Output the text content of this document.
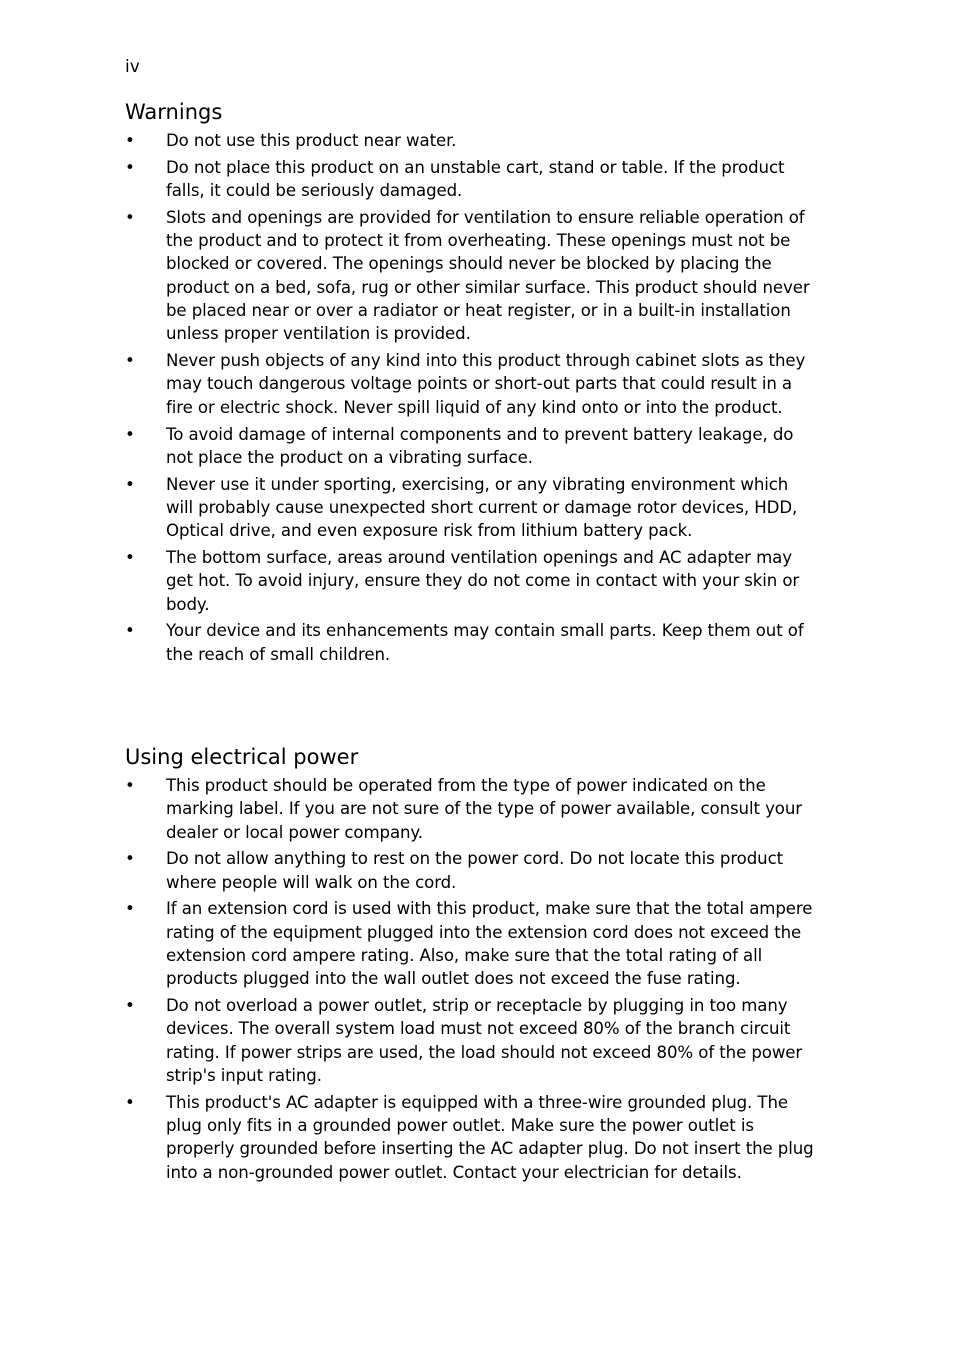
iv
Warnings
• Do not use this product near water.
• Do not place this product on an unstable cart, stand or table. If the product falls, it could be seriously damaged.
• Slots and openings are provided for ventilation to ensure reliable operation of the product and to protect it from overheating. These openings must not be blocked or covered. The openings should never be blocked by placing the product on a bed, sofa, rug or other similar surface. This product should never be placed near or over a radiator or heat register, or in a built-in installation unless proper ventilation is provided.
• Never push objects of any kind into this product through cabinet slots as they may touch dangerous voltage points or short-out parts that could result in a fire or electric shock. Never spill liquid of any kind onto or into the product.
• To avoid damage of internal components and to prevent battery leakage, do not place the product on a vibrating surface.
• Never use it under sporting, exercising, or any vibrating environment which will probably cause unexpected short current or damage rotor devices, HDD, Optical drive, and even exposure risk from lithium battery pack.
• The bottom surface, areas around ventilation openings and AC adapter may get hot. To avoid injury, ensure they do not come in contact with your skin or body.
• Your device and its enhancements may contain small parts. Keep them out of the reach of small children.
Using electrical power
• This product should be operated from the type of power indicated on the marking label. If you are not sure of the type of power available, consult your dealer or local power company.
• Do not allow anything to rest on the power cord. Do not locate this product where people will walk on the cord.
• If an extension cord is used with this product, make sure that the total ampere rating of the equipment plugged into the extension cord does not exceed the extension cord ampere rating. Also, make sure that the total rating of all products plugged into the wall outlet does not exceed the fuse rating.
• Do not overload a power outlet, strip or receptacle by plugging in too many devices. The overall system load must not exceed 80% of the branch circuit rating. If power strips are used, the load should not exceed 80% of the power strip's input rating.
• This product's AC adapter is equipped with a three-wire grounded plug. The plug only fits in a grounded power outlet. Make sure the power outlet is properly grounded before inserting the AC adapter plug. Do not insert the plug into a non-grounded power outlet. Contact your electrician for details.
